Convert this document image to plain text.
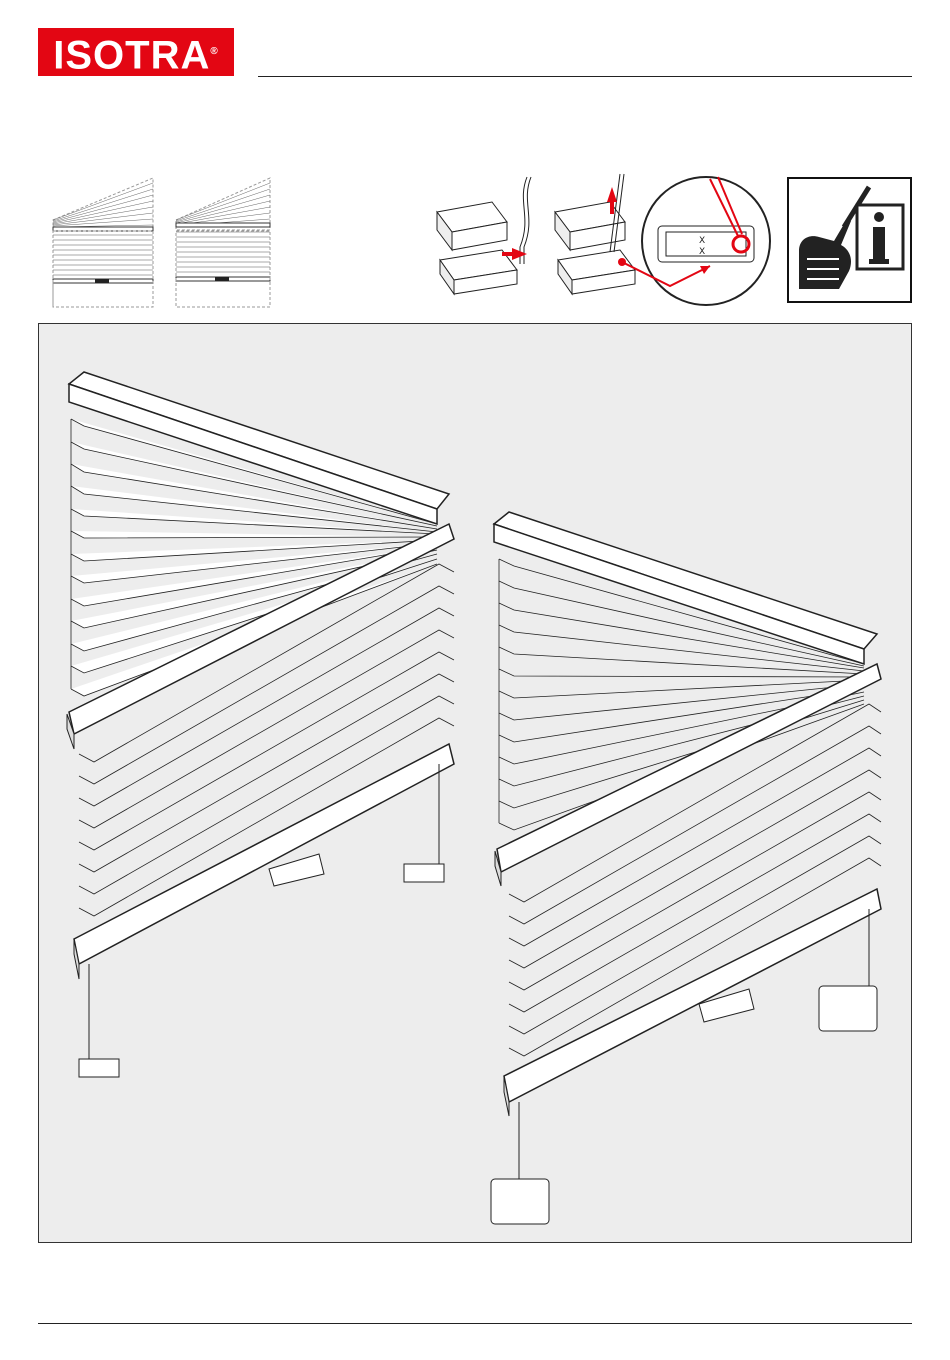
ISOTRA®
X
X
